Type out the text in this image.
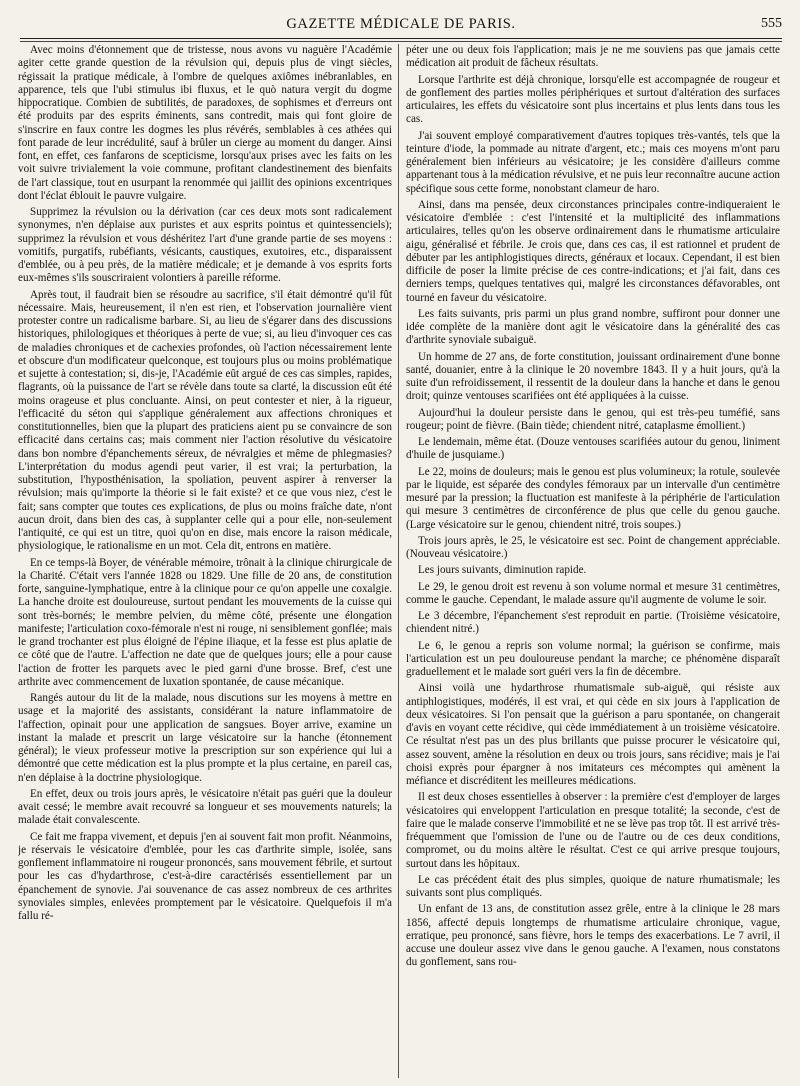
GAZETTE MÉDICALE DE PARIS.	555

Avec moins d'étonnement que de tristesse, nous avons vu naguère l'Académie agiter cette grande question de la révulsion qui, depuis plus de vingt siècles, régissait la pratique médicale, à l'ombre de quelques axiômes inébranlables, en apparence, tels que l'ubi stimulus ibi fluxus, et le quò natura vergit du dogme hippocratique. Combien de subtilités, de paradoxes, de sophismes et d'erreurs ont été produits par des esprits éminents, sans contredit, mais qui font gloire de s'inscrire en faux contre les dogmes les plus révérés, semblables à ces athées qui font parade de leur incrédulité, sauf à brûler un cierge au moment du danger. Ainsi font, en effet, ces fanfarons de scepticisme, lorsqu'aux prises avec les faits on les voit suivre trivialement la voie commune, profitant clandestinement des bienfaits de l'art classique, tout en usurpant la renommée qui jaillit des opinions excentriques dont l'éclat éblouit le pauvre vulgaire.

Supprimez la révulsion ou la dérivation (car ces deux mots sont radicalement synonymes, n'en déplaise aux puristes et aux esprits pointus et quintessenciels); supprimez la révulsion et vous déshéritez l'art d'une grande partie de ses moyens : vomitifs, purgatifs, rubéfiants, vésicants, caustiques, exutoires, etc., disparaissent d'emblée, ou à peu près, de la matière médicale; et je demande à vos esprits forts eux-mêmes s'ils souscriraient volontiers à pareille réforme.

Après tout, il faudrait bien se résoudre au sacrifice, s'il était démontré qu'il fût nécessaire. Mais, heureusement, il n'en est rien, et l'observation journalière vient protester contre un radicalisme barbare. Si, au lieu de s'égarer dans des discussions historiques, philologiques et théoriques à perte de vue; si, au lieu d'invoquer ces cas de maladies chroniques et de cachexies profondes, où l'action nécessairement lente et obscure d'un modificateur quelconque, est toujours plus ou moins problématique et sujette à contestation; si, dis-je, l'Académie eût argué de ces cas simples, rapides, flagrants, où la puissance de l'art se révèle dans toute sa clarté, la discussion eût été moins orageuse et plus concluante. Ainsi, on peut contester et nier, à la rigueur, l'efficacité du séton qui s'applique généralement aux affections chroniques et constitutionnelles, bien que la plupart des praticiens aient pu se convaincre de son efficacité dans certains cas; mais comment nier l'action résolutive du vésicatoire dans bon nombre d'épanchements séreux, de névralgies et même de phlegmasies? L'interprétation du modus agendi peut varier, il est vrai; la perturbation, la substitution, l'hyposthénisation, la spoliation, peuvent aspirer à renverser la révulsion; mais qu'importe la théorie si le fait existe? et ce que vous niez, c'est le fait; sans compter que toutes ces explications, de plus ou moins fraîche date, n'ont aucun droit, dans bien des cas, à supplanter celle qui a pour elle, non-seulement l'antiquité, ce qui est un titre, quoi qu'on en dise, mais encore la raison médicale, physiologique, le rationalisme en un mot. Cela dit, entrons en matière.

En ce temps-là Boyer, de vénérable mémoire, trônait à la clinique chirurgicale de la Charité. C'était vers l'année 1828 ou 1829. Une fille de 20 ans, de constitution forte, sanguine-lymphatique, entre à la clinique pour ce qu'on appelle une coxalgie. La hanche droite est douloureuse, surtout pendant les mouvements de la cuisse qui sont très-bornés; le membre pelvien, du même côté, présente une élongation manifeste; l'articulation coxo-fémorale n'est ni rouge, ni sensiblement gonflée; mais le grand trochanter est plus éloigné de l'épine iliaque, et la fesse est plus aplatie de ce côté que de l'autre. L'affection ne date que de quelques jours; elle a pour cause l'action de frotter les parquets avec le pied garni d'une brosse. Bref, c'est une arthrite avec commencement de luxation spontanée, de cause mécanique.

Rangés autour du lit de la malade, nous discutions sur les moyens à mettre en usage et la majorité des assistants, considérant la nature inflammatoire de l'affection, opinait pour une application de sangsues. Boyer arrive, examine un instant la malade et prescrit un large vésicatoire sur la hanche (étonnement général); le vieux professeur motive la prescription sur son expérience qui lui a démontré que cette médication est la plus prompte et la plus certaine, en pareil cas, n'en déplaise à la doctrine physiologique.

En effet, deux ou trois jours après, le vésicatoire n'était pas guéri que la douleur avait cessé; le membre avait recouvré sa longueur et ses mouvements naturels; la malade était convalescente.

Ce fait me frappa vivement, et depuis j'en ai souvent fait mon profit. Néanmoins, je réservais le vésicatoire d'emblée, pour les cas d'arthrite simple, isolée, sans gonflement inflammatoire ni rougeur prononcés, sans mouvement fébrile, et surtout pour les cas d'hydarthrose, c'est-à-dire caractérisés essentiellement par un épanchement de synovie. J'ai souvenance de cas assez nombreux de ces arthrites synoviales simples, enlevées promptement par le vésicatoire. Quelquefois il m'a fallu ré-

péter une ou deux fois l'application; mais je ne me souviens pas que jamais cette médication ait produit de fâcheux résultats.

Lorsque l'arthrite est déjà chronique, lorsqu'elle est accompagnée de rougeur et de gonflement des parties molles périphériques et surtout d'altération des surfaces articulaires, les effets du vésicatoire sont plus incertains et plus lents dans tous les cas.

J'ai souvent employé comparativement d'autres topiques très-vantés, tels que la teinture d'iode, la pommade au nitrate d'argent, etc.; mais ces moyens m'ont paru généralement bien inférieurs au vésicatoire; je les considère d'ailleurs comme appartenant tous à la médication révulsive, et ne puis leur reconnaître aucune action spécifique sous cette forme, nonobstant clameur de haro.

Ainsi, dans ma pensée, deux circonstances principales contre-indiqueraient le vésicatoire d'emblée : c'est l'intensité et la multiplicité des inflammations articulaires, telles qu'on les observe ordinairement dans le rhumatisme articulaire aigu, généralisé et fébrile. Je crois que, dans ces cas, il est rationnel et prudent de débuter par les antiphlogistiques directs, généraux et locaux. Cependant, il est bien difficile de poser la limite précise de ces contre-indications; et j'ai fait, dans ces derniers temps, quelques tentatives qui, malgré les circonstances défavorables, ont tourné en faveur du vésicatoire.

Les faits suivants, pris parmi un plus grand nombre, suffiront pour donner une idée complète de la manière dont agit le vésicatoire dans la généralité des cas d'arthrite synoviale subaiguë.

Un homme de 27 ans, de forte constitution, jouissant ordinairement d'une bonne santé, douanier, entre à la clinique le 20 novembre 1843. Il y a huit jours, qu'à la suite d'un refroidissement, il ressentit de la douleur dans la hanche et dans le genou droit; quinze ventouses scarifiées ont été appliquées à la cuisse.

Aujourd'hui la douleur persiste dans le genou, qui est très-peu tuméfié, sans rougeur; point de fièvre. (Bain tiède; chiendent nitré, cataplasme émollient.)

Le lendemain, même état. (Douze ventouses scarifiées autour du genou, liniment d'huile de jusquiame.)

Le 22, moins de douleurs; mais le genou est plus volumineux; la rotule, soulevée par le liquide, est séparée des condyles fémoraux par un intervalle d'un centimètre mesuré par la pression; la fluctuation est manifeste à la périphérie de l'articulation qui mesure 3 centimètres de circonférence de plus que celle du genou gauche. (Large vésicatoire sur le genou, chiendent nitré, trois soupes.)

Trois jours après, le 25, le vésicatoire est sec. Point de changement appréciable. (Nouveau vésicatoire.)

Les jours suivants, diminution rapide.

Le 29, le genou droit est revenu à son volume normal et mesure 31 centimètres, comme le gauche. Cependant, le malade assure qu'il augmente de volume le soir.

Le 3 décembre, l'épanchement s'est reproduit en partie. (Troisième vésicatoire, chiendent nitré.)

Le 6, le genou a repris son volume normal; la guérison se confirme, mais l'articulation est un peu douloureuse pendant la marche; ce phénomène disparaît graduellement et le malade sort guéri vers la fin de décembre.

Ainsi voilà une hydarthrose rhumatismale sub-aiguë, qui résiste aux antiphlogistiques, modérés, il est vrai, et qui cède en six jours à l'application de deux vésicatoires. Si l'on pensait que la guérison a paru spontanée, on changerait d'avis en voyant cette récidive, qui cède immédiatement à un troisième vésicatoire. Ce résultat n'est pas un des plus brillants que puisse procurer le vésicatoire qui, assez souvent, amène la résolution en deux ou trois jours, sans récidive; mais je l'ai choisi exprès pour épargner à nos imitateurs ces mécomptes qui amènent la méfiance et discréditent les meilleures médications.

Il est deux choses essentielles à observer : la première c'est d'employer de larges vésicatoires qui enveloppent l'articulation en presque totalité; la seconde, c'est de faire que le malade conserve l'immobilité et ne se lève pas trop tôt. Il est arrivé très-fréquemment que l'omission de l'une ou de l'autre ou de ces deux conditions, compromet, ou du moins altère le résultat. C'est ce qui arrive presque toujours, surtout dans les hôpitaux.

Le cas précédent était des plus simples, quoique de nature rhumatismale; les suivants sont plus compliqués.

Un enfant de 13 ans, de constitution assez grêle, entre à la clinique le 28 mars 1856, affecté depuis longtemps de rhumatisme articulaire chronique, vague, erratique, peu prononcé, sans fièvre, hors le temps des exacerbations. Le 7 avril, il accuse une douleur assez vive dans le genou gauche. A l'examen, nous constatons du gonflement, sans rou-
